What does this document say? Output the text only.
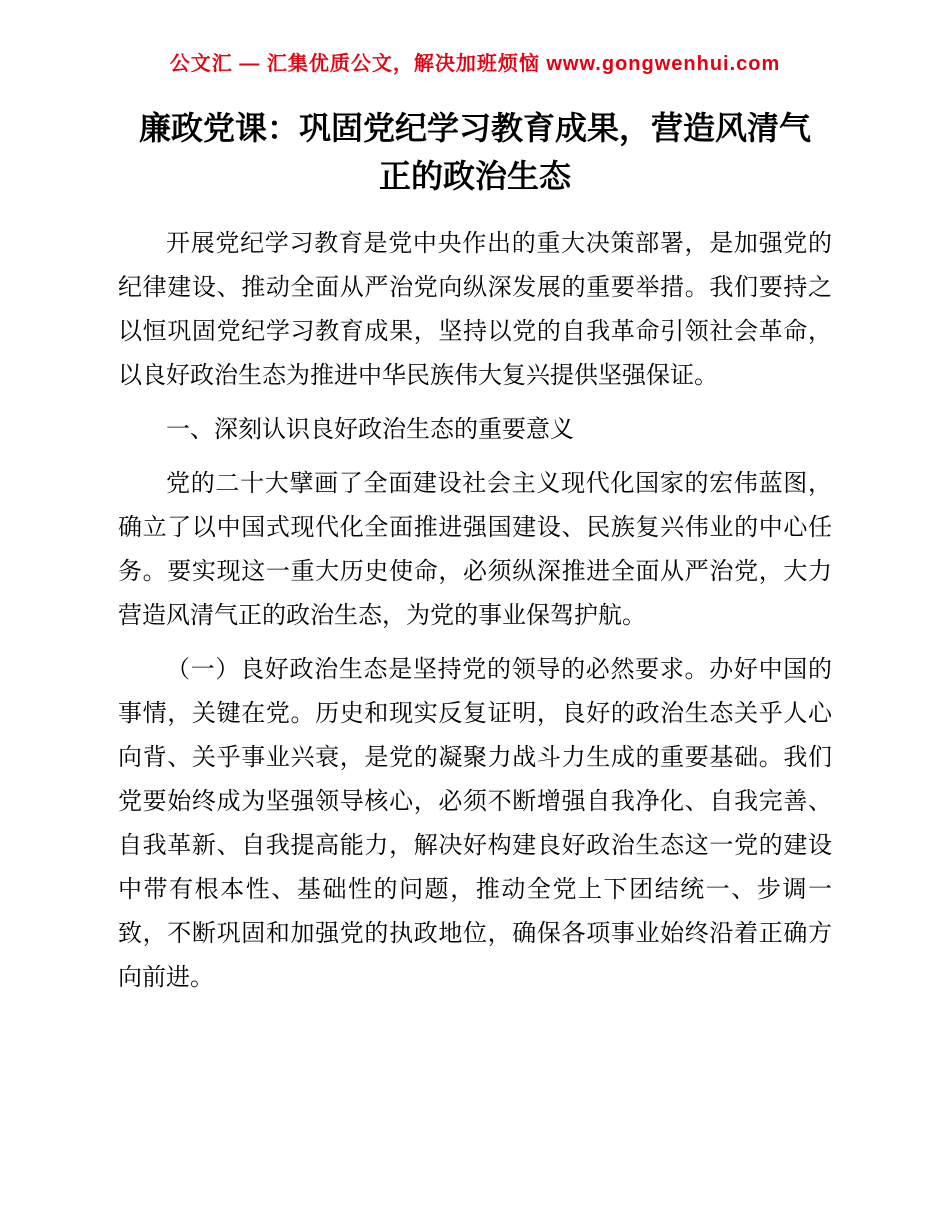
公文汇 — 汇集优质公文，解决加班烦恼 www.gongwenhui.com
廉政党课：巩固党纪学习教育成果，营造风清气正的政治生态

开展党纪学习教育是党中央作出的重大决策部署，是加强党的纪律建设、推动全面从严治党向纵深发展的重要举措。我们要持之以恒巩固党纪学习教育成果，坚持以党的自我革命引领社会革命，以良好政治生态为推进中华民族伟大复兴提供坚强保证。

一、深刻认识良好政治生态的重要意义

党的二十大擘画了全面建设社会主义现代化国家的宏伟蓝图，确立了以中国式现代化全面推进强国建设、民族复兴伟业的中心任务。要实现这一重大历史使命，必须纵深推进全面从严治党，大力营造风清气正的政治生态，为党的事业保驾护航。

（一）良好政治生态是坚持党的领导的必然要求。办好中国的事情，关键在党。历史和现实反复证明，良好的政治生态关乎人心向背、关乎事业兴衰，是党的凝聚力战斗力生成的重要基础。我们党要始终成为坚强领导核心，必须不断增强自我净化、自我完善、自我革新、自我提高能力，解决好构建良好政治生态这一党的建设中带有根本性、基础性的问题，推动全党上下团结统一、步调一致，不断巩固和加强党的执政地位，确保各项事业始终沿着正确方向前进。
